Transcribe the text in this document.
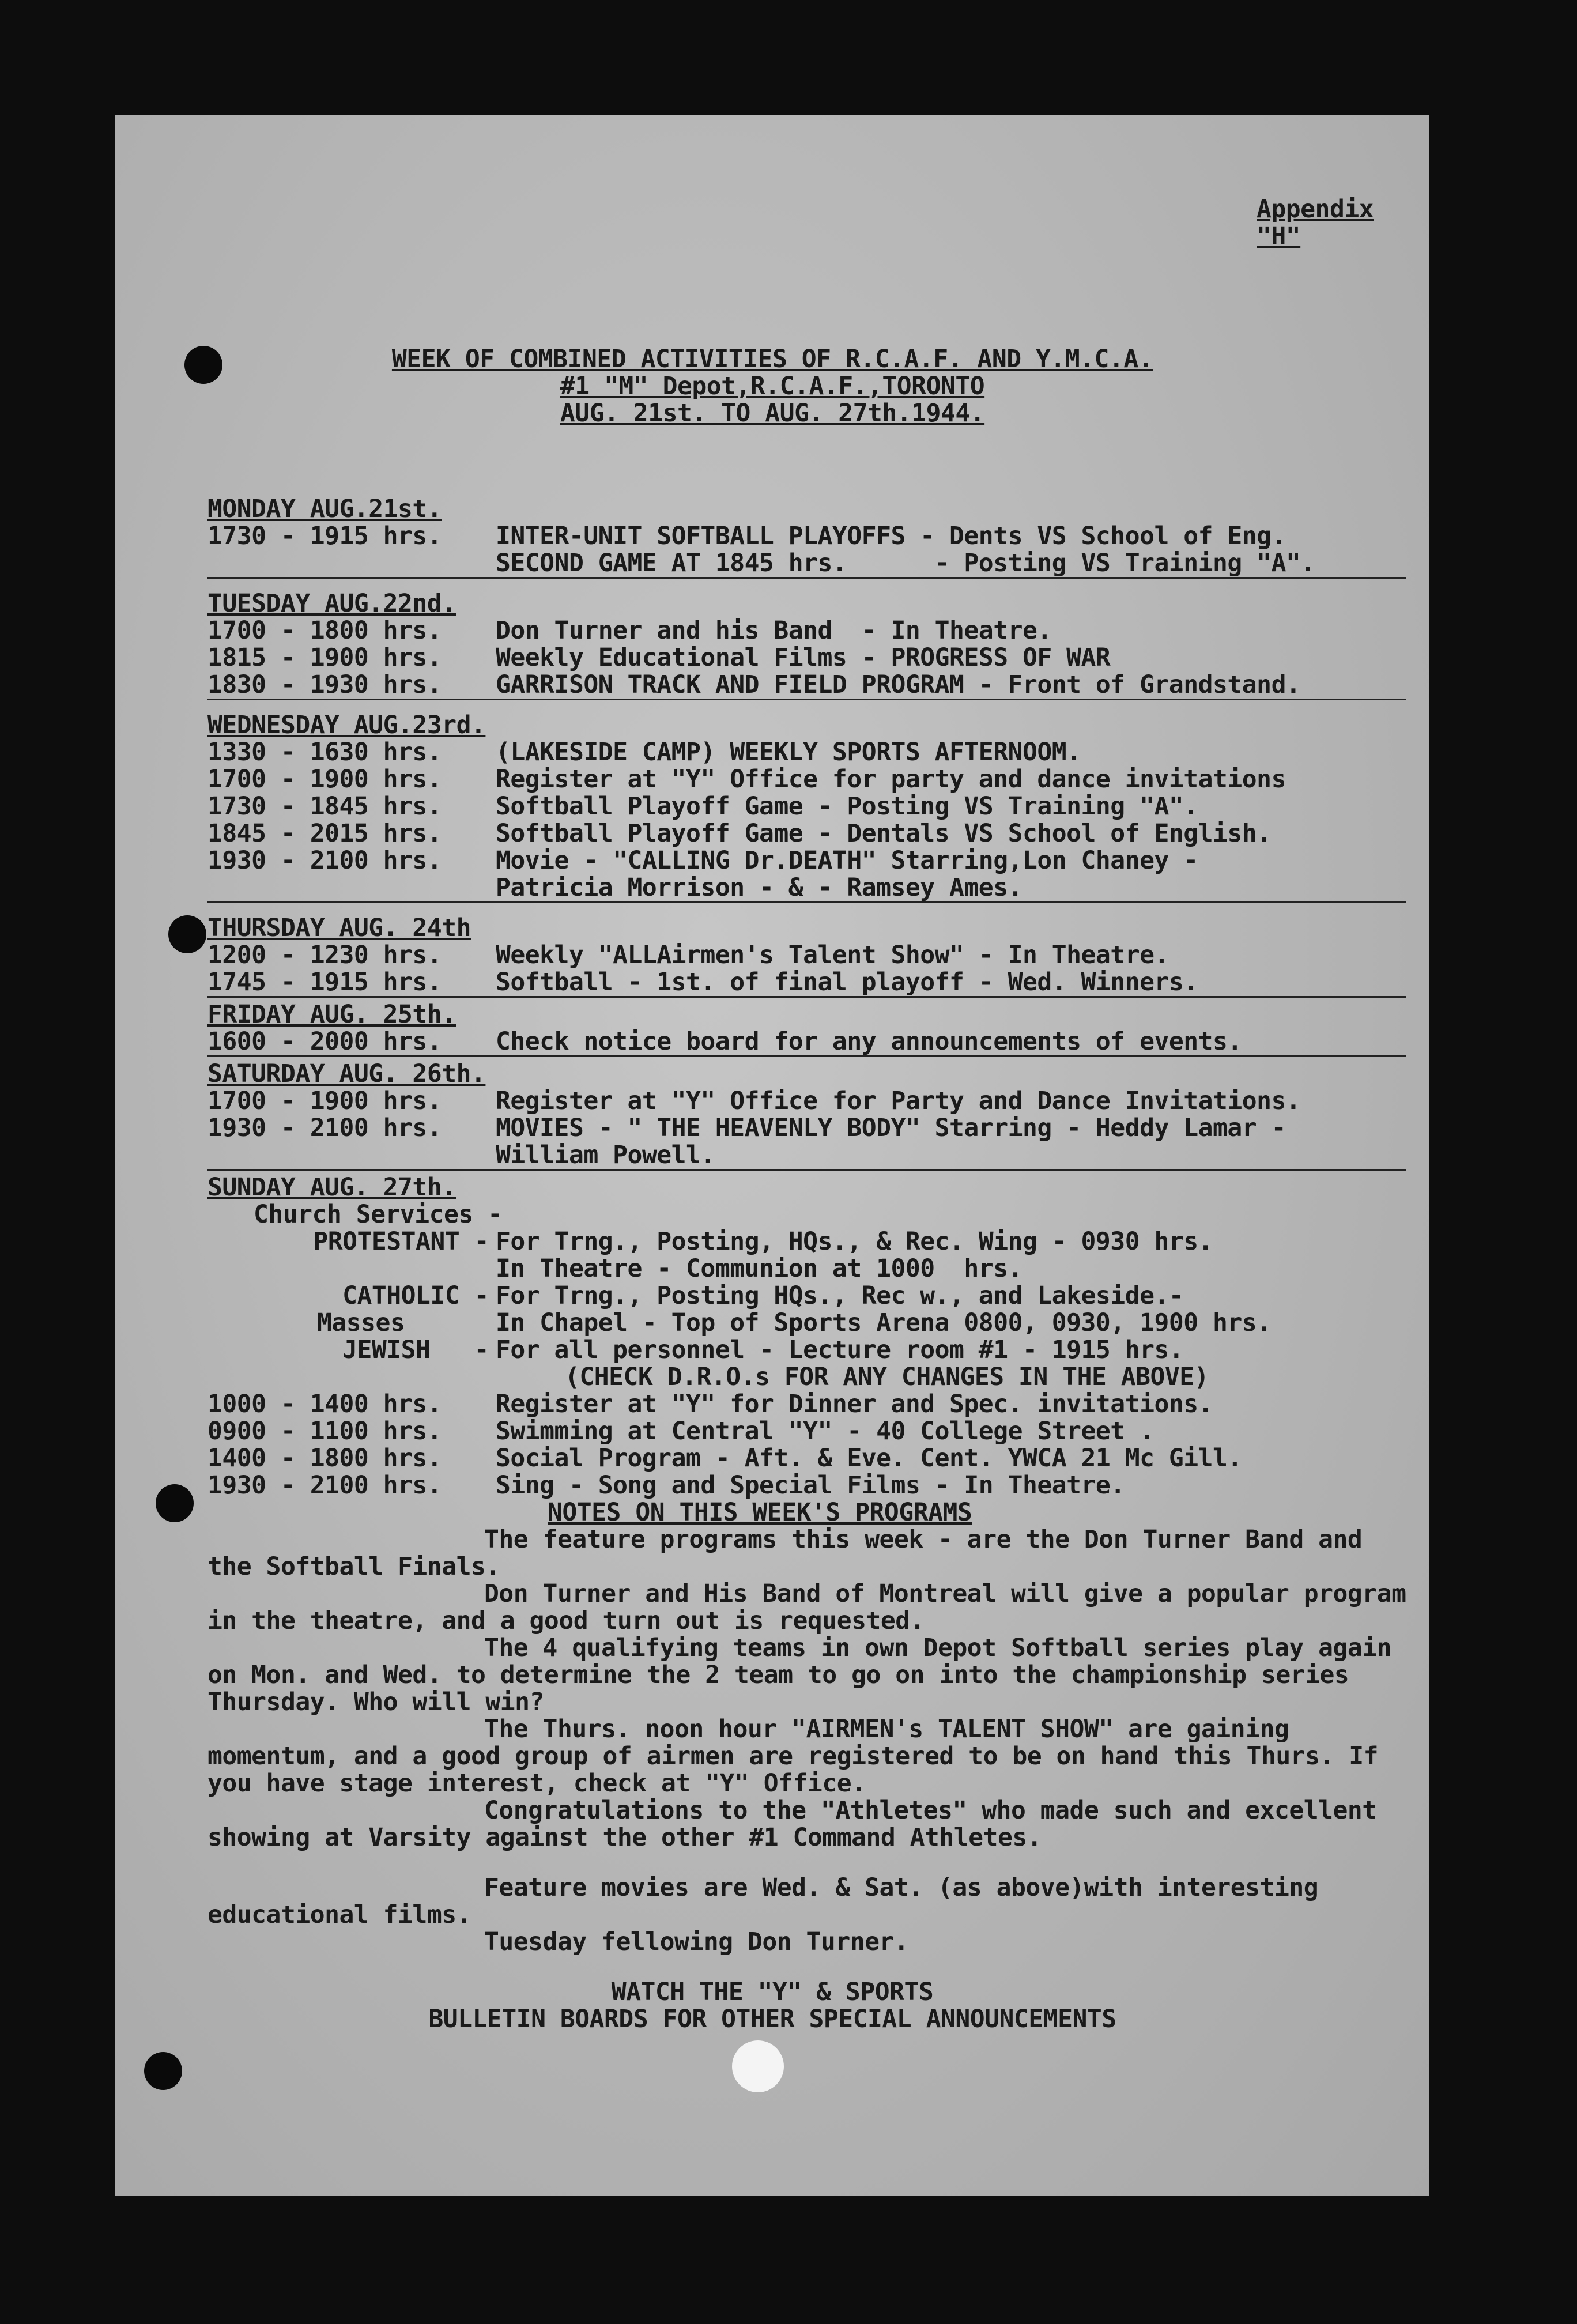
Appendix "H"
WEEK OF COMBINED ACTIVITIES OF R.C.A.F. AND Y.M.C.A.
#1 "M" Depot,R.C.A.F.,TORONTO
AUG. 21st. TO AUG. 27th.1944.
MONDAY AUG.21st.
1730 - 1915 hrs.	INTER-UNIT SOFTBALL PLAYOFFS - Dents VS School of Eng.
SECOND GAME AT 1845 hrs.      - Posting VS Training "A".
TUESDAY AUG.22nd.
1700 - 1800 hrs.	Don Turner and his Band  - In Theatre.
1815 - 1900 hrs.	Weekly Educational Films - PROGRESS OF WAR
1830 - 1930 hrs.	GARRISON TRACK AND FIELD PROGRAM - Front of Grandstand.
WEDNESDAY AUG.23rd.
1330 - 1630 hrs.	(LAKESIDE CAMP) WEEKLY SPORTS AFTERNOOM.
1700 - 1900 hrs.	Register at "Y" Office for party and dance invitations
1730 - 1845 hrs.	Softball Playoff Game - Posting VS Training "A".
1845 - 2015 hrs.	Softball Playoff Game - Dentals VS School of English.
1930 - 2100 hrs.	Movie - "CALLING Dr.DEATH" Starring,Lon Chaney -
Patricia Morrison - & - Ramsey Ames.
THURSDAY AUG. 24th
1200 - 1230 hrs.	Weekly "ALLAirmen's Talent Show" - In Theatre.
1745 - 1915 hrs.	Softball - 1st. of final playoff - Wed. Winners.
FRIDAY AUG. 25th.
1600 - 2000 hrs.	Check notice board for any announcements of events.
SATURDAY AUG. 26th.
1700 - 1900 hrs.	Register at "Y" Office for Party and Dance Invitations.
1930 - 2100 hrs.	MOVIES - " THE HEAVENLY BODY" Starring - Heddy Lamar -
William Powell.
SUNDAY AUG. 27th.
Church Services -
PROTESTANT - For Trng., Posting, HQs., & Rec. Wing - 0930 hrs.
In Theatre - Communion at 1000  hrs.
CATHOLIC - For Trng., Posting HQs., Rec w., and Lakeside.-
Masses	In Chapel - Top of Sports Arena 0800, 0930, 1900 hrs.
JEWISH   - For all personnel - Lecture room #1 - 1915 hrs.
(CHECK D.R.O.s FOR ANY CHANGES IN THE ABOVE)
1000 - 1400 hrs.	Register at "Y" for Dinner and Spec. invitations.
0900 - 1100 hrs.	Swimming at Central "Y" - 40 College Street .
1400 - 1800 hrs.	Social Program - Aft. & Eve. Cent. YWCA 21 Mc Gill.
1930 - 2100 hrs.	Sing - Song and Special Films - In Theatre.
NOTES ON THIS WEEK'S PROGRAMS

The feature programs this week - are the Don Turner Band and the Softball Finals.

Don Turner and His Band of Montreal will give a popular program in the theatre, and a good turn out is requested.

The 4 qualifying teams in own Depot Softball series play again on Mon. and Wed. to determine the 2 team to go on into the championship series Thursday. Who will win?

The Thurs. noon hour "AIRMEN's TALENT SHOW" are gaining momentum, and a good group of airmen are registered to be on hand this Thurs. If you have stage interest, check at "Y" Office.

Congratulations to the "Athletes" who made such and excellent showing at Varsity against the other #1 Command Athletes.

Feature movies are Wed. & Sat. (as above)with interesting educational films.

Tuesday fellowing Don Turner.

WATCH THE "Y" & SPORTS
BULLETIN BOARDS FOR OTHER SPECIAL ANNOUNCEMENTS
